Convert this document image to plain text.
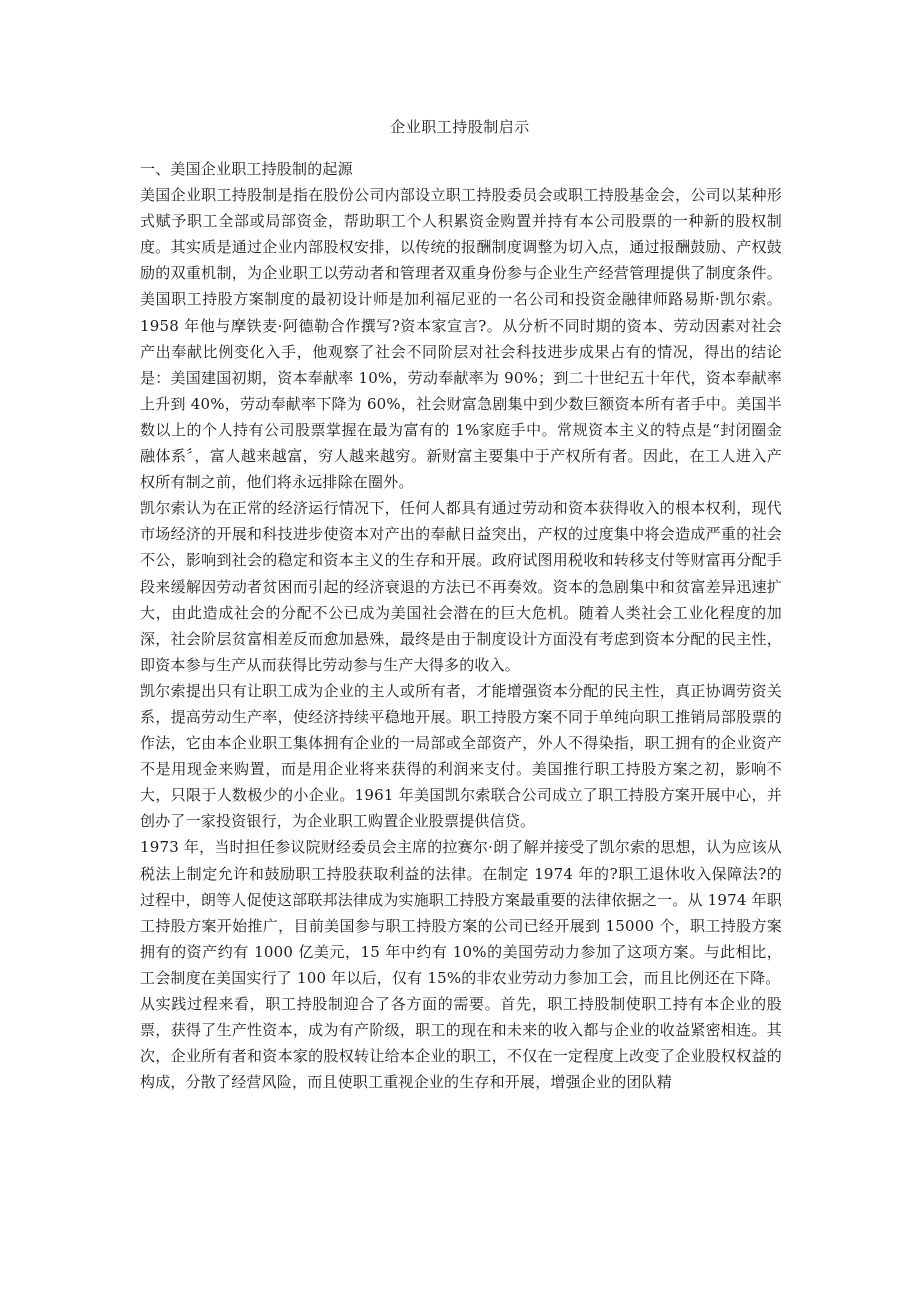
企业职工持股制启示

一、美国企业职工持股制的起源

美国企业职工持股制是指在股份公司内部设立职工持股委员会或职工持股基金会，公司以某种形式赋予职工全部或局部资金，帮助职工个人积累资金购置并持有本公司股票的一种新的股权制度。其实质是通过企业内部股权安排，以传统的报酬制度调整为切入点，通过报酬鼓励、产权鼓励的双重机制，为企业职工以劳动者和管理者双重身份参与企业生产经营管理提供了制度条件。美国职工持股方案制度的最初设计师是加利福尼亚的一名公司和投资金融律师路易斯·凯尔索。1958 年他与摩铁麦·阿德勒合作撰写?资本家宣言?。从分析不同时期的资本、劳动因素对社会产出奉献比例变化入手，他观察了社会不同阶层对社会科技进步成果占有的情况，得出的结论是：美国建国初期，资本奉献率 10%，劳动奉献率为 90%；到二十世纪五十年代，资本奉献率上升到 40%，劳动奉献率下降为 60%，社会财富急剧集中到少数巨额资本所有者手中。美国半数以上的个人持有公司股票掌握在最为富有的 1%家庭手中。常规资本主义的特点是“封闭圈金融体系〞，富人越来越富，穷人越来越穷。新财富主要集中于产权所有者。因此，在工人进入产权所有制之前，他们将永远排除在圈外。

凯尔索认为在正常的经济运行情况下，任何人都具有通过劳动和资本获得收入的根本权利，现代市场经济的开展和科技进步使资本对产出的奉献日益突出，产权的过度集中将会造成严重的社会不公，影响到社会的稳定和资本主义的生存和开展。政府试图用税收和转移支付等财富再分配手段来缓解因劳动者贫困而引起的经济衰退的方法已不再奏效。资本的急剧集中和贫富差异迅速扩大，由此造成社会的分配不公已成为美国社会潜在的巨大危机。随着人类社会工业化程度的加深，社会阶层贫富相差反而愈加悬殊，最终是由于制度设计方面没有考虑到资本分配的民主性，即资本参与生产从而获得比劳动参与生产大得多的收入。

凯尔索提出只有让职工成为企业的主人或所有者，才能增强资本分配的民主性，真正协调劳资关系，提高劳动生产率，使经济持续平稳地开展。职工持股方案不同于单纯向职工推销局部股票的作法，它由本企业职工集体拥有企业的一局部或全部资产，外人不得染指，职工拥有的企业资产不是用现金来购置，而是用企业将来获得的利润来支付。美国推行职工持股方案之初，影响不大，只限于人数极少的小企业。1961 年美国凯尔索联合公司成立了职工持股方案开展中心，并创办了一家投资银行，为企业职工购置企业股票提供信贷。

1973 年，当时担任参议院财经委员会主席的拉赛尔·朗了解并接受了凯尔索的思想，认为应该从税法上制定允许和鼓励职工持股获取利益的法律。在制定 1974 年的?职工退休收入保障法?的过程中，朗等人促使这部联邦法律成为实施职工持股方案最重要的法律依据之一。从 1974 年职工持股方案开始推广，目前美国参与职工持股方案的公司已经开展到 15000 个，职工持股方案拥有的资产约有 1000 亿美元，15 年中约有 10%的美国劳动力参加了这项方案。与此相比，工会制度在美国实行了 100 年以后，仅有 15%的非农业劳动力参加工会，而且比例还在下降。

从实践过程来看，职工持股制迎合了各方面的需要。首先，职工持股制使职工持有本企业的股票，获得了生产性资本，成为有产阶级，职工的现在和未来的收入都与企业的收益紧密相连。其次，企业所有者和资本家的股权转让给本企业的职工，不仅在一定程度上改变了企业股权权益的构成，分散了经营风险，而且使职工重视企业的生存和开展，增强企业的团队精
